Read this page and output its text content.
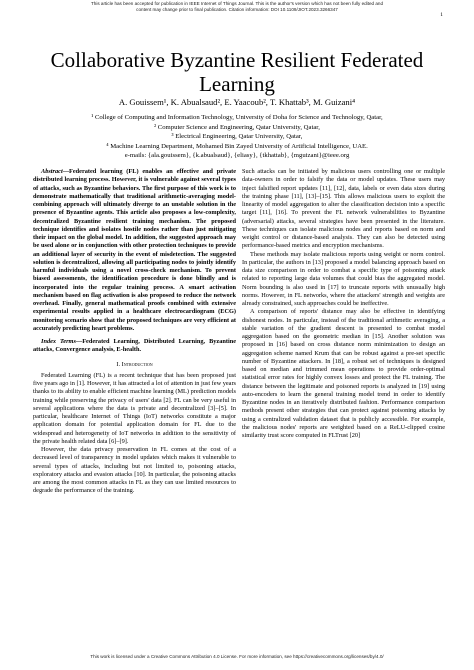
This article has been accepted for publication in IEEE Internet of Things Journal. This is the author's version which has not been fully edited and
content may change prior to final publication. Citation information: DOI 10.1109/JIOT.2023.3266347
1
Collaborative Byzantine Resilient Federated
Learning
A. Gouissem¹, K. Abualsaud², E. Yaacoub², T. Khattab³, M. Guizani⁴
¹ College of Computing and Information Technology, University of Doha for Science and Technology, Qatar,
² Computer Science and Engineering, Qatar University, Qatar,
³ Electrical Engineering, Qatar University, Qatar,
⁴ Machine Learning Department, Mohamed Bin Zayed University of Artificial Intelligence, UAE.
e-mails: {ala.gouissem}, {k.abualsaud}, {eliasy}, {tkhattab}, {mguizani}@ieee.org

Abstract—Federated learning (FL) enables an effective and private distributed learning process. However, it is vulnerable against several types of attacks, such as Byzantine behaviors. The first purpose of this work is to demonstrate mathematically that traditional arithmetic-averaging model-combining approach will ultimately diverge to an unstable solution in the presence of Byzantine agents. This article also proposes a low-complexity, decentralized Byzantine resilient training mechanism. The proposed technique identifies and isolates hostile nodes rather than just mitigating their impact on the global model. In addition, the suggested approach may be used alone or in conjunction with other protection techniques to provide an additional layer of security in the event of misdetection. The suggested solution is decentralized, allowing all participating nodes to jointly identify harmful individuals using a novel cross-check mechanism. To prevent biased assessments, the identification procedure is done blindly and is incorporated into the regular training process. A smart activation mechanism based on flag activation is also proposed to reduce the network overhead. Finally, general mathematical proofs combined with extensive experimental results applied in a healthcare electrocardiogram (ECG) monitoring scenario show that the proposed techniques are very efficient at accurately predicting heart problems.

Index Terms—Federated Learning, Distributed Learning, Byzantine attacks, Convergence analysis, E-health.

I. Introduction

Federated Learning (FL) is a recent technique that has been proposed just five years ago in [1]. However, it has attracted a lot of attention in just few years thanks to its ability to enable efficient machine learning (ML) prediction models training while preserving the privacy of users' data [2]. FL can be very useful in several applications where the data is private and decentralized [3]–[5]. In particular, healthcare Internet of Things (IoT) networks constitute a major application domain for potential application domain for FL due to the widespread and heterogeneity of IoT networks in addition to the sensitivity of the private health related data [6]–[9].

However, the data privacy preservation in FL comes at the cost of a decreased level of transparency in model updates which makes it vulnerable to several types of attacks, including but not limited to, poisoning attacks, exploratory attacks and evasion attacks [10]. In particular, the poisoning attacks are among the most common attacks in FL as they can use limited resources to degrade the performance of the training.

Such attacks can be initiated by malicious users controlling one or multiple data-owners in order to falsify the data or model updates. These users may inject falsified report updates [11], [12], data, labels or even data sizes during the training phase [11], [13]–[15]. This allows malicious users to exploit the linearity of model aggregation to alter the classification decision into a specific target [11], [16]. To prevent the FL network vulnerabilities to Byzantine (adversarial) attacks, several strategies have been presented in the literature. These techniques can isolate malicious nodes and reports based on norm and weight control or distance-based analysis. They can also be detected using performance-based metrics and encryption mechanisms.

These methods may isolate malicious reports using weight or norm control. In particular, the authors in [13] proposed a model balancing approach based on data size comparison in order to combat a specific type of poisoning attack related to reporting large data volumes that could bias the aggregated model. Norm bounding is also used in [17] to truncate reports with unusually high norms. However, in FL networks, where the attackers' strength and weights are already constrained, such approaches could be ineffective.

A comparison of reports' distance may also be effective in identifying dishonest nodes. In particular, instead of the traditional arithmetic averaging, a stable variation of the gradient descent is presented to combat model aggregation based on the geometric median in [15]. Another solution was proposed in [16] based on cross distance norm minimization to design an aggregation scheme named Krum that can be robust against a pre-set specific number of Byzantine attackers. In [18], a robust set of techniques is designed based on median and trimmed mean operations to provide order-optimal statistical error rates for highly convex losses and protect the FL training. The distance between the legitimate and poisoned reports is analyzed in [19] using auto-encoders to learn the general training model trend in order to identify Byzantine nodes in an iteratively distributed fashion. Performance comparison methods present other strategies that can protect against poisoning attacks by using a centralized validation dataset that is publicly accessible. For example, the malicious nodes' reports are weighted based on a ReLU-clipped cosine similarity trust score computed in FLTrust [20]

This work is licensed under a Creative Commons Attribution 4.0 License. For more information, see https://creativecommons.org/licenses/by/4.0/
